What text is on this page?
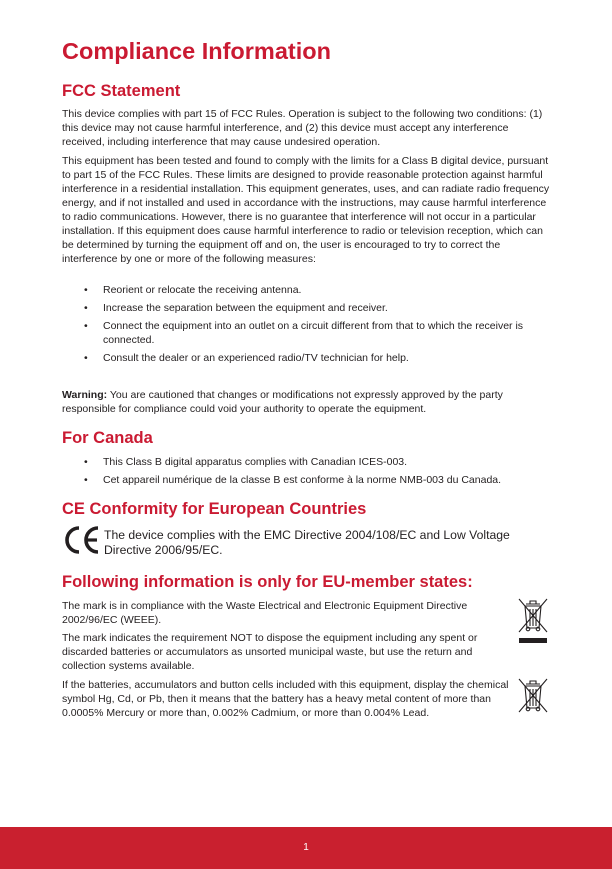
Compliance Information
FCC Statement

This device complies with part 15 of FCC Rules. Operation is subject to the following two conditions: (1) this device may not cause harmful interference, and (2) this device must accept any interference received, including interference that may cause undesired operation.

This equipment has been tested and found to comply with the limits for a Class B digital device, pursuant to part 15 of the FCC Rules. These limits are designed to provide reasonable protection against harmful interference in a residential installation. This equipment generates, uses, and can radiate radio frequency energy, and if not installed and used in accordance with the instructions, may cause harmful interference to radio communications. However, there is no guarantee that interference will not occur in a particular installation. If this equipment does cause harmful interference to radio or television reception, which can be determined by turning the equipment off and on, the user is encouraged to try to correct the interference by one or more of the following measures:

• Reorient or relocate the receiving antenna.
• Increase the separation between the equipment and receiver.
• Connect the equipment into an outlet on a circuit different from that to which the receiver is connected.
• Consult the dealer or an experienced radio/TV technician for help.

Warning: You are cautioned that changes or modifications not expressly approved by the party responsible for compliance could void your authority to operate the equipment.

For Canada
• This Class B digital apparatus complies with Canadian ICES-003.
• Cet appareil numérique de la classe B est conforme à la norme NMB-003 du Canada.
CE Conformity for European Countries

The device complies with the EMC Directive 2004/108/EC and Low Voltage Directive 2006/95/EC.

Following information is only for EU-member states:

The mark is in compliance with the Waste Electrical and Electronic Equipment Directive 2002/96/EC (WEEE).

The mark indicates the requirement NOT to dispose the equipment including any spent or discarded batteries or accumulators as unsorted municipal waste, but use the return and collection systems available.

If the batteries, accumulators and button cells included with this equipment, display the chemical symbol Hg, Cd, or Pb, then it means that the battery has a heavy metal content of more than 0.0005% Mercury or more than, 0.002% Cadmium, or more than 0.004% Lead.

1
